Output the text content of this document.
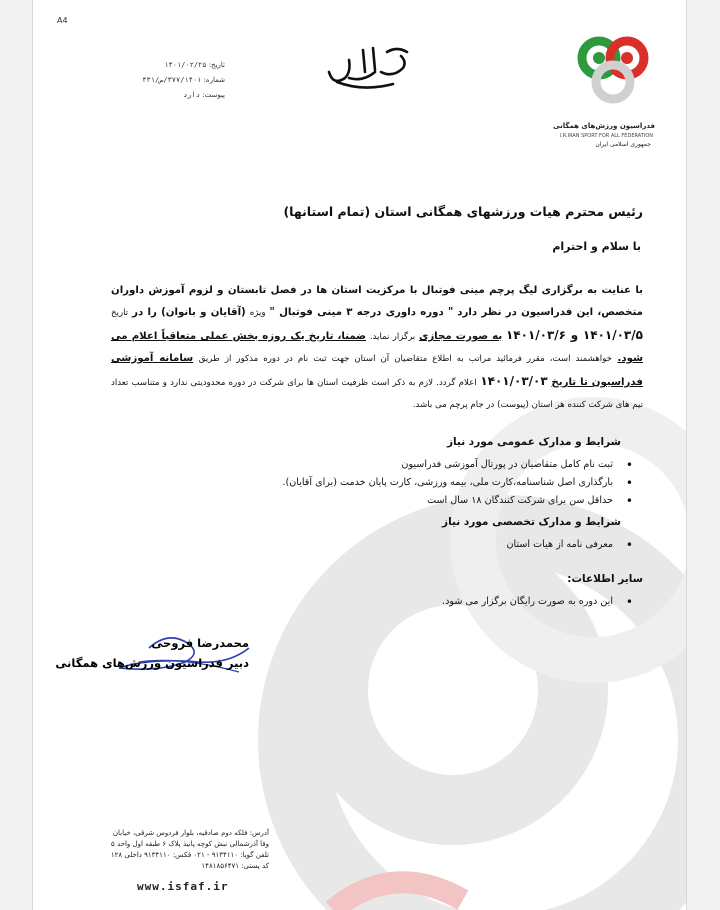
A4
تاریخ: ۱۴۰۱/۰۲/۲۵
شماره: ۳۷۷/۱۴۰۱/ص/۴۳۱
پیوست: دارد
فدراسیون ورزش‌های همگانی
I.R.IRAN SPORT FOR ALL FEDERATION
جمهوری اسلامی ایران
رئیس محترم هیات ورزشهای همگانی استان (تمام استانها)
با سلام و احترام
با عنایت به برگزاری لیگ پرچم مینی فوتبال با مرکزیت استان ها در فصل تابستان و لزوم آموزش داوران متخصص، این فدراسیون در نظر دارد " دوره داوری درجه ۳ مینی فوتبال " ویژه (آقایان و بانوان) را در تاریخ ۱۴۰۱/۰۳/۵ و ۱۴۰۱/۰۳/۶ به صورت مجازی برگزار نماید. ضمنا، تاریخ یک روزه بخش عملی متعاقباً اعلام می شود. خواهشمند است، مقرر فرمائید مراتب به اطلاع متقاضیان آن استان جهت ثبت نام در دوره مذکور از طریق سامانه آموزشی فدراسیون تا تاریخ ۱۴۰۱/۰۳/۰۳ اعلام گردد. لازم به ذکر است ظرفیت استان ها برای شرکت در دوره محدودیتی ندارد و متناسب تعداد تیم های شرکت کننده هر استان (پیوست) در جام پرچم می باشد.
شرایط و مدارک عمومی مورد نیاز
• ثبت نام کامل متقاضیان در پورتال آموزشی فدراسیون
• بارگذاری اصل شناسنامه،کارت ملی، بیمه ورزشی، کارت پایان خدمت (برای آقایان).
• حداقل سن برای شرکت کنندگان ۱۸ سال است
شرایط و مدارک تخصصی مورد نیاز
• معرفی نامه از هیات استان
سایر اطلاعات:
• این دوره به صورت رایگان برگزار می شود.
محمدرضا فروحی
دبیر فدراسیون ورزش‌های همگانی
آدرس: فلکه دوم صادقیه، بلوار فردوس شرقی، خیابان
وفا آذرشمالی نبش کوچه پانیذ پلاک ۶ طبقه اول واحد ۵
تلفن گویا: ۹۱۳۴۱۱۰ - ۰۲۱ فکس: ۹۱۳۴۱۱۰ داخلی ۱۲۸
کد پستی: ۱۴۸۱۸۵۶۴۷۱
www.isfaf.ir
